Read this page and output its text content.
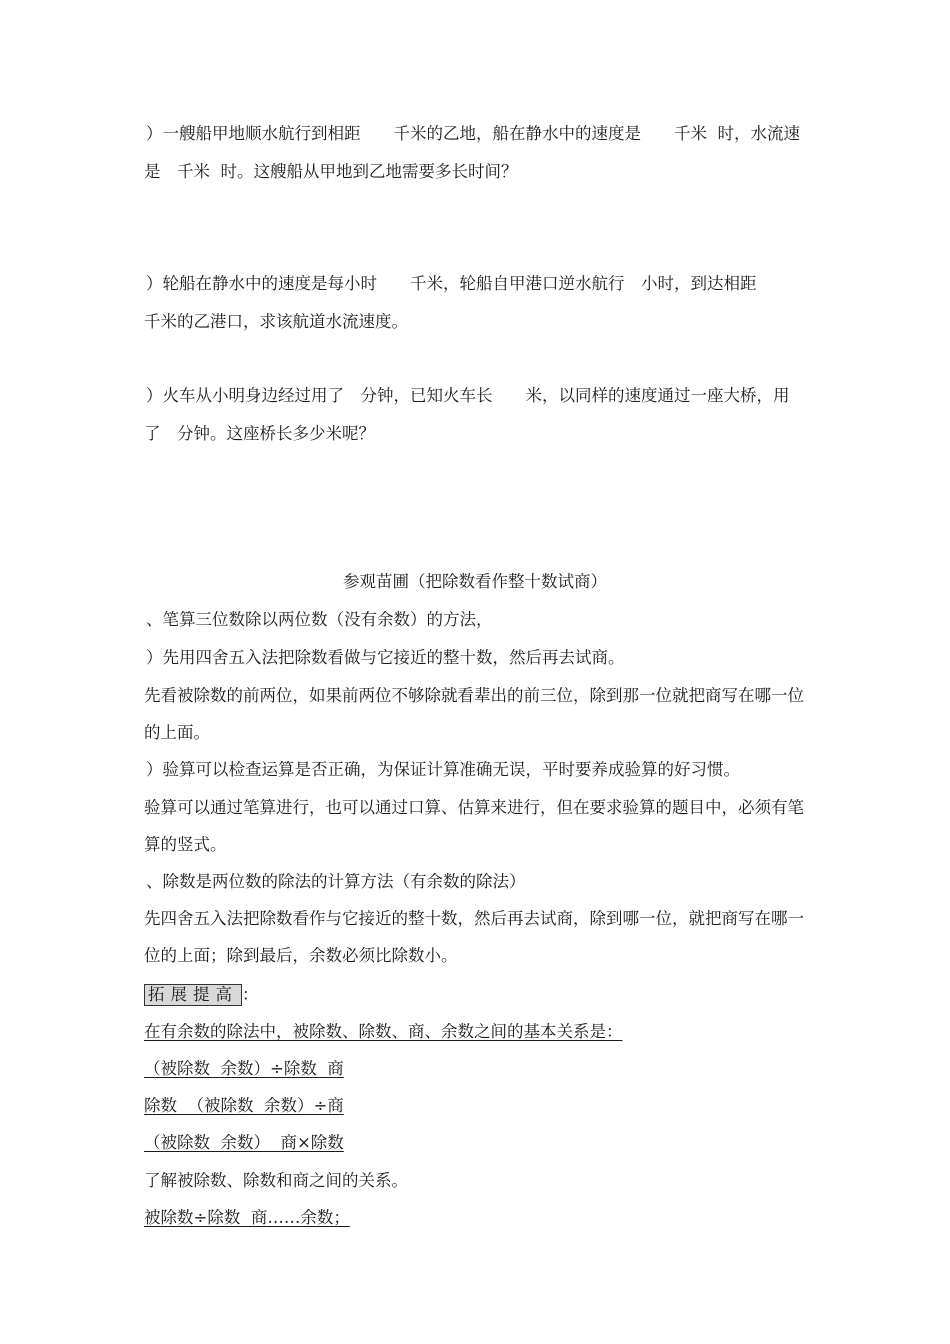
）一艘船甲地顺水航行到相距　　千米的乙地，船在静水中的速度是　　千米  时，水流速
是　千米  时。这艘船从甲地到乙地需要多长时间？
）轮船在静水中的速度是每小时　　千米，轮船自甲港口逆水航行　小时，到达相距
千米的乙港口，求该航道水流速度。
）火车从小明身边经过用了　分钟，已知火车长　　米，以同样的速度通过一座大桥，用
了　分钟。这座桥长多少米呢？
参观苗圃（把除数看作整十数试商）
、笔算三位数除以两位数（没有余数）的方法，
）先用四舍五入法把除数看做与它接近的整十数，然后再去试商。
先看被除数的前两位，如果前两位不够除就看辈出的前三位，除到那一位就把商写在哪一位
的上面。
）验算可以检查运算是否正确，为保证计算准确无误，平时要养成验算的好习惯。
验算可以通过笔算进行，也可以通过口算、估算来进行，但在要求验算的题目中，必须有笔
算的竖式。
、除数是两位数的除法的计算方法（有余数的除法）
先四舍五入法把除数看作与它接近的整十数，然后再去试商，除到哪一位，就把商写在哪一
位的上面；除到最后，余数必须比除数小。
拓展提高 ：
在有余数的除法中，被除数、除数、商、余数之间的基本关系是：
（被除数  余数）÷除数  商
除数  （被除数  余数）÷商
（被除数  余数）  商×除数
了解被除数、除数和商之间的关系。
被除数÷除数  商……余数；
